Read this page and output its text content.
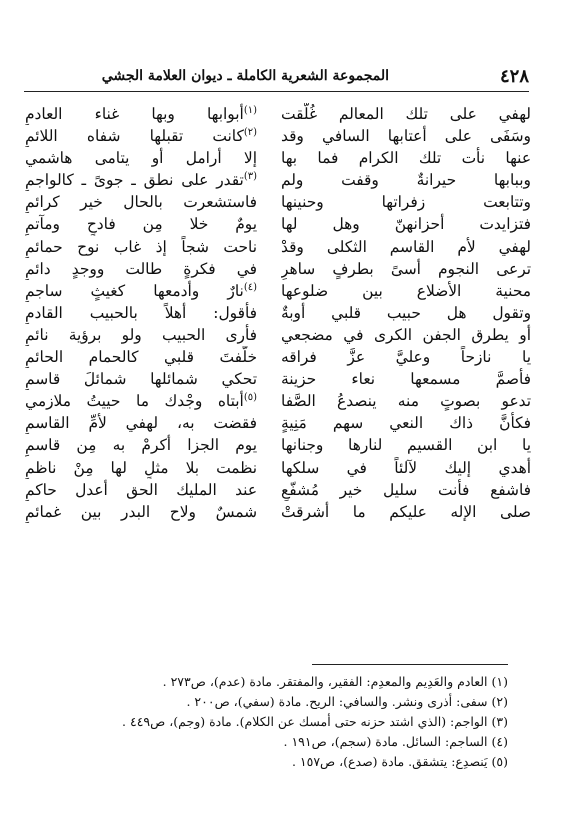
٤٢٨
المجموعة الشعرية الكاملة ـ ديوان العلامة الجشي
لهفي على تلك المعالم غُلّقت
وسَفَى على أعتابها السافي وقد
عنها نأت تلك الكرام فما بها
وببابها حيرانةٌ وقفت ولم
وتتابعت زفراتها وحنينها
فتزايدت أحزانهنّ وهل لها
لهفي لأم القاسم الثكلى وقدْ
ترعى النجوم أسىً بطرفٍ ساهرٍ
محنية الأضلاع بين ضلوعها
وتقول هل حبيب قلبي أوبةٌ
أو يطرق الجفن الكرى في مضجعي
يا نازحاً وعليَّ عزَّ فراقه
فأصمَّ مسمعها نعاء حزينة
تدعو بصوتٍ منه ينصدعُ الصَّفا
فكأنَّ ذاك النعي سهم مَنِيةٍ
يا ابن القسيم لنارها وجنانها
أهدي إليك لآلئاً في سلكها
فاشفع فأنت سليل خير مُشفّعٍ
صلى الإله عليكم ما أشرقتْ
$^{(١)}$أبوابها وبها غناء العادمِ
$^{(٢)}$كانت تقبلها شفاه اللائمِ
إلا أرامل أو يتامى هاشمي
$^{(٣)}$تقدر على نطق ـ جوىً ـ كالواجمِ
فاستشعرت بالحال خير كرائمِ
يومٌ خلا مِن فادحٍ ومآتمِ
ناحت شجاً إذ غاب نوح حمائمِ
في فكرةٍ طالت ووجدٍ دائمِ
$^{(٤)}$نارٌ وأدمعها كغيثٍ ساجمِ
فأقول: أهلاً بالحبيب القادمِ
فأرى الحبيب ولو برؤية نائمِ
خلّفتَ قلبي كالحمام الحائمِ
تحكي شمائلها شمائلَ قاسمِ
$^{(٥)}$أبتاه وجْدك ما حييتُ ملازمي
فقضت به، لهفي لأمِّ القاسمِ
يوم الجزا أكرمْ به مِن قاسمِ
نظمت بلا مثلٍ لها مِنْ ناظمِ
عند المليك الحق أعدل حاكمِ
شمسٌ ولاح البدر بين غمائمِ
(١) العادم والعَدِيم والمعدِم: الفقير، والمفتقر. مادة (عدم)، ص٢٧٣ .
(٢) سفى: أذرى ونشر. والسافي: الريح. مادة (سفي)، ص٢٠٠ .
(٣) الواجم: (الذي اشتد حزنه حتى أمسك عن الكلام). مادة (وجم)، ص٤٤٩ .
(٤) الساجم: السائل. مادة (سجم)، ص١٩١ .
(٥) يَنصدِع: يتشقق. مادة (صدع)، ص١٥٧ .
